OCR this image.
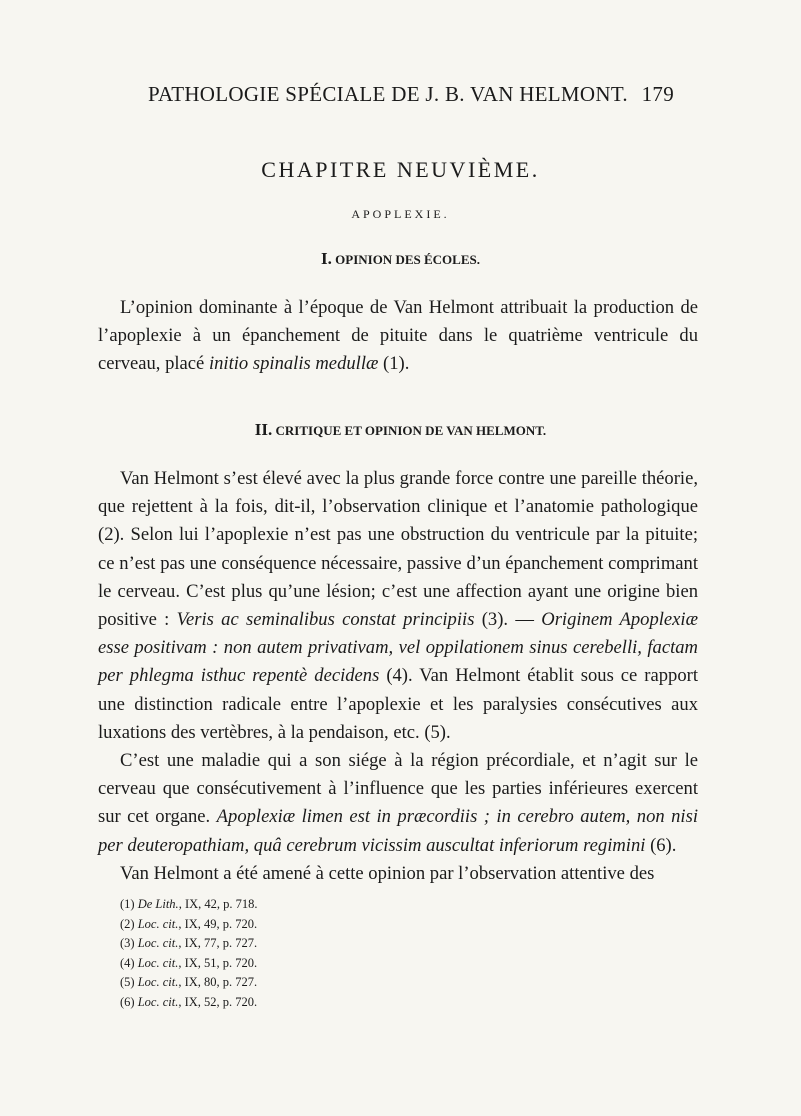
PATHOLOGIE SPÉCIALE DE J. B. VAN HELMONT. 179
CHAPITRE NEUVIÈME.
APOPLEXIE.
I. OPINION DES ÉCOLES.

L’opinion dominante à l’époque de Van Helmont attribuait la production de l’apoplexie à un épanchement de pituite dans le quatrième ventricule du cerveau, placé initio spinalis medullæ (1).

II. CRITIQUE ET OPINION DE VAN HELMONT.

Van Helmont s’est élevé avec la plus grande force contre une pareille théorie, que rejettent à la fois, dit-il, l’observation clinique et l’anatomie pathologique (2). Selon lui l’apoplexie n’est pas une obstruction du ventricule par la pituite; ce n’est pas une conséquence nécessaire, passive d’un épanchement comprimant le cerveau. C’est plus qu’une lésion; c’est une affection ayant une origine bien positive : Veris ac seminalibus constat principiis (3). — Originem Apoplexiæ esse positivam : non autem privativam, vel oppilationem sinus cerebelli, factam per phlegma isthuc repentè decidens (4). Van Helmont établit sous ce rapport une distinction radicale entre l’apoplexie et les paralysies consécutives aux luxations des vertèbres, à la pendaison, etc. (5).

C’est une maladie qui a son siége à la région précordiale, et n’agit sur le cerveau que consécutivement à l’influence que les parties inférieures exercent sur cet organe. Apoplexiæ limen est in præcordiis ; in cerebro autem, non nisi per deuteropathiam, quâ cerebrum vicissim auscultat inferiorum regimini (6).

Van Helmont a été amené à cette opinion par l’observation attentive des

(1) De Lith., IX, 42, p. 718.
(2) Loc. cit., IX, 49, p. 720.
(3) Loc. cit., IX, 77, p. 727.
(4) Loc. cit., IX, 51, p. 720.
(5) Loc. cit., IX, 80, p. 727.
(6) Loc. cit., IX, 52, p. 720.
